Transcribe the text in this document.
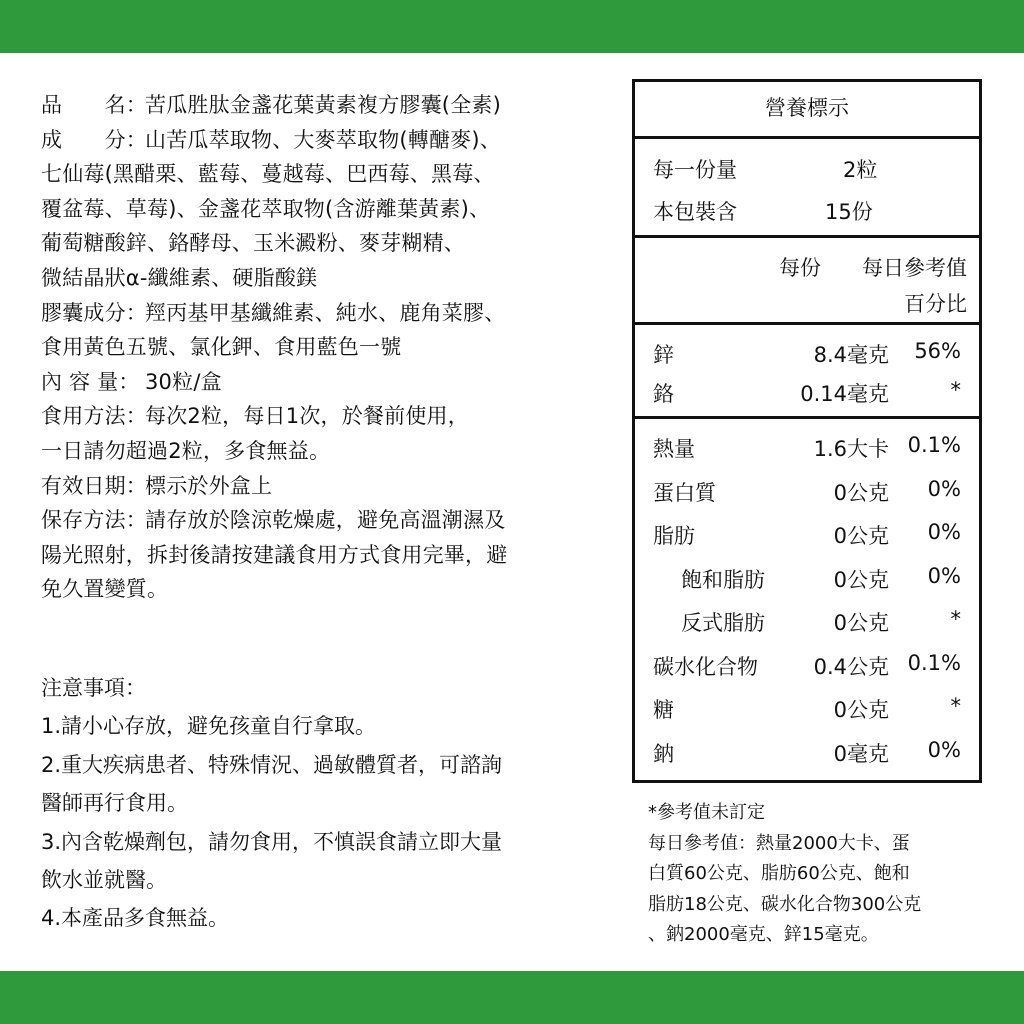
品　　名：苦瓜胜肽金盞花葉黃素複方膠囊(全素)
成　　分：山苦瓜萃取物、大麥萃取物(轉醣麥)、
七仙莓(黑醋栗、藍莓、蔓越莓、巴西莓、黑莓、
覆盆莓、草莓)、金盞花萃取物(含游離葉黃素)、
葡萄糖酸鋅、鉻酵母、玉米澱粉、麥芽糊精、
微結晶狀α-纖維素、硬脂酸鎂
膠囊成分：羥丙基甲基纖維素、純水、鹿角菜膠、
食用黃色五號、氯化鉀、食用藍色一號
內 容 量： 30粒/盒
食用方法：每次2粒，每日1次，於餐前使用，
一日請勿超過2粒，多食無益。
有效日期：標示於外盒上
保存方法：請存放於陰涼乾燥處，避免高溫潮濕及
陽光照射，拆封後請按建議食用方式食用完畢，避
免久置變質。
注意事項：
1.請小心存放，避免孩童自行拿取。
2.重大疾病患者、特殊情況、過敏體質者，可諮詢
醫師再行食用。
3.內含乾燥劑包，請勿食用，不慎誤食請立即大量
飲水並就醫。
4.本產品多食無益。
營養標示
每一份量	2粒
本包裝含	15份
每份 每日參考值
百分比
鋅	8.4毫克 56%
鉻	0.14毫克	*
熱量	1.6大卡 0.1%
蛋白質	0公克 0%
脂肪	0公克 0%
飽和脂肪	0公克 0%
反式脂肪	0公克	*
碳水化合物	0.4公克 0.1%
糖	0公克	*
鈉	0毫克 0%
*參考值未訂定
每日參考值：熱量2000大卡、蛋
白質60公克、脂肪60公克、飽和
脂肪18公克、碳水化合物300公克
、鈉2000毫克、鋅15毫克。
